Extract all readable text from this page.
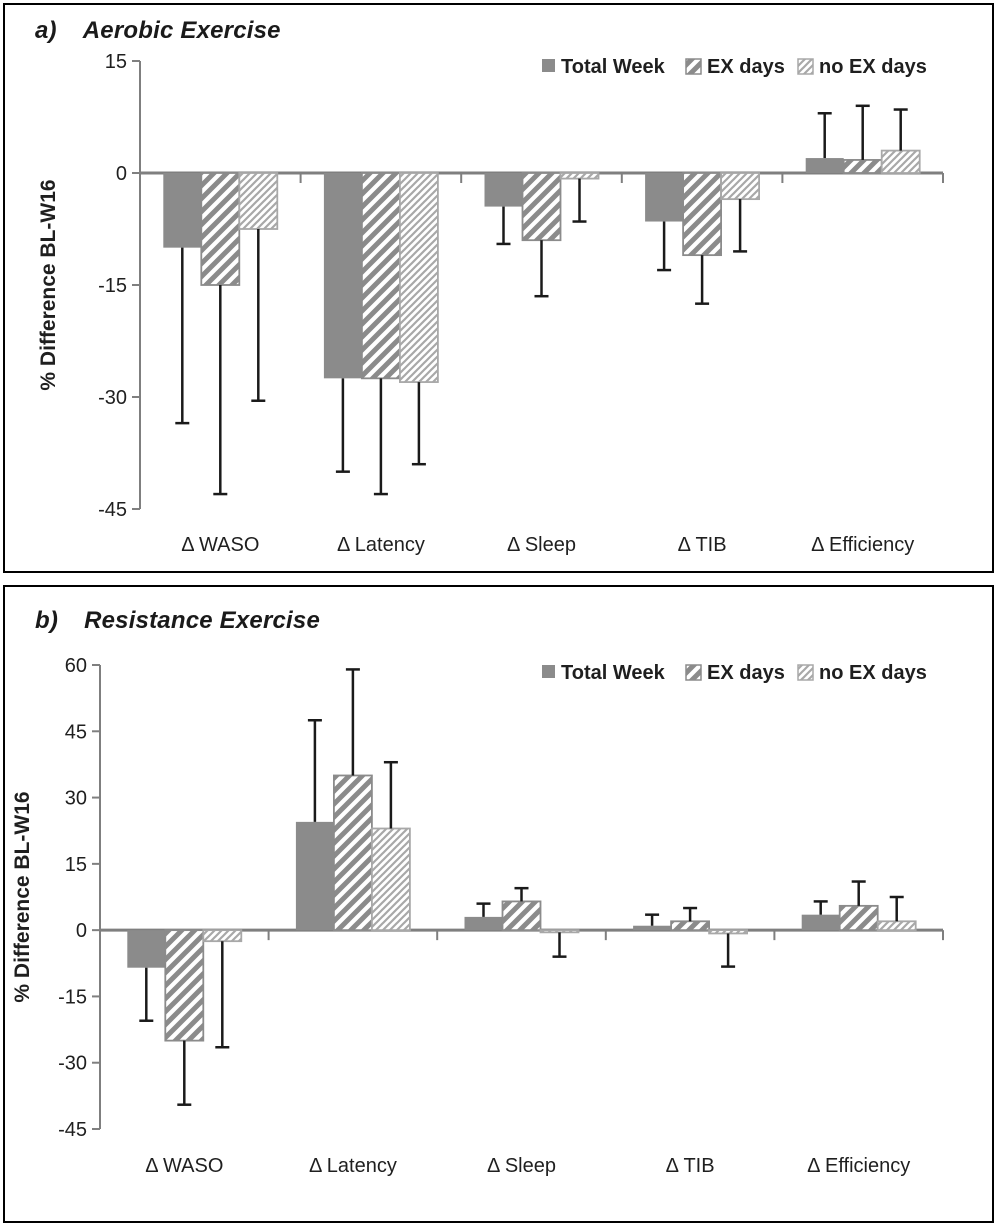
a) Aerobic Exercise
15
0
-15
-30
-45
% Difference BL-W16
Δ WASO	Δ Latency	Δ Sleep	Δ TIB	Δ Efficiency
Total Week EX days no EX days
b) Resistance Exercise
60
45
30
15
0
-15
-30
-45
% Difference BL-W16
Δ WASO	Δ Latency	Δ Sleep	Δ TIB	Δ Efficiency
Total Week EX days no EX days
